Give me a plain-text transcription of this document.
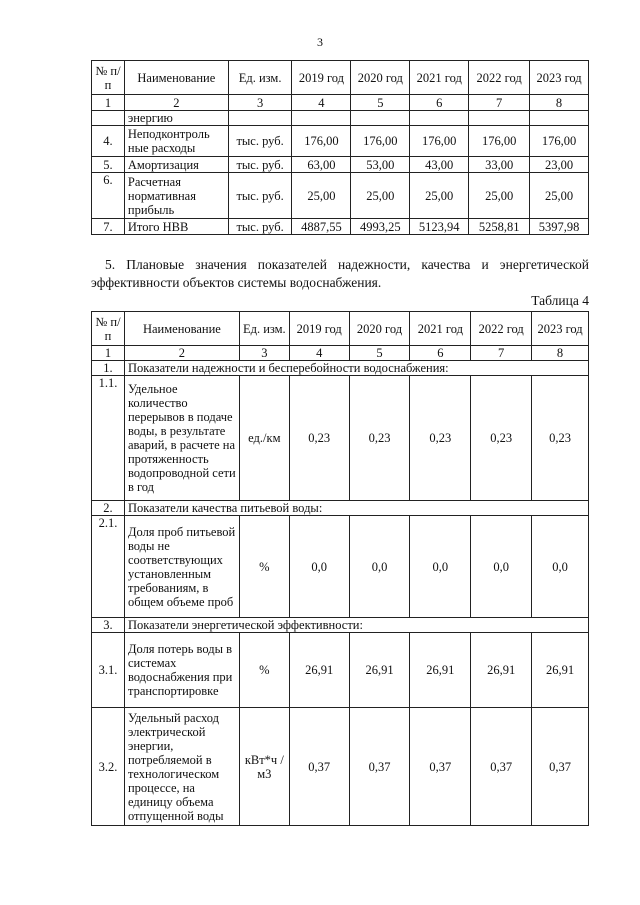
3
№ п/п	Наименование	Ед. изм.	2019 год	2020 год	2021 год	2022 год	2023 год
1	2	3	4	5	6	7	8
	энергию						
4.	Неподконтроль ные расходы	тыс. руб.	176,00	176,00	176,00	176,00	176,00
5.	Амортизация	тыс. руб.	63,00	53,00	43,00	33,00	23,00
6.	Расчетная нормативная прибыль	тыс. руб.	25,00	25,00	25,00	25,00	25,00
7.	Итого НВВ	тыс. руб.	4887,55	4993,25	5123,94	5258,81	5397,98
5. Плановые значения показателей надежности, качества и энергетической эффективности объектов системы водоснабжения.
Таблица 4
№ п/п	Наименование	Ед. изм.	2019 год	2020 год	2021 год	2022 год	2023 год
1	2	3	4	5	6	7	8
1.	Показатели надежности и бесперебойности водоснабжения:						
1.1.	Удельное количество перерывов в подаче воды, в результате аварий, в расчете на протяженность водопроводной сети в год	ед./км	0,23	0,23	0,23	0,23	0,23
2.	Показатели качества питьевой воды:						
2.1.	Доля проб питьевой воды не соответствующих установленным требованиям, в общем объеме проб	%	0,0	0,0	0,0	0,0	0,0
3.	Показатели энергетической эффективности:						
3.1.	Доля потерь воды в системах водоснабжения при транспортировке	%	26,91	26,91	26,91	26,91	26,91
3.2.	Удельный расход электрической энергии, потребляемой в технологическом процессе, на единицу объема отпущенной воды	кВт*ч /м3	0,37	0,37	0,37	0,37	0,37
